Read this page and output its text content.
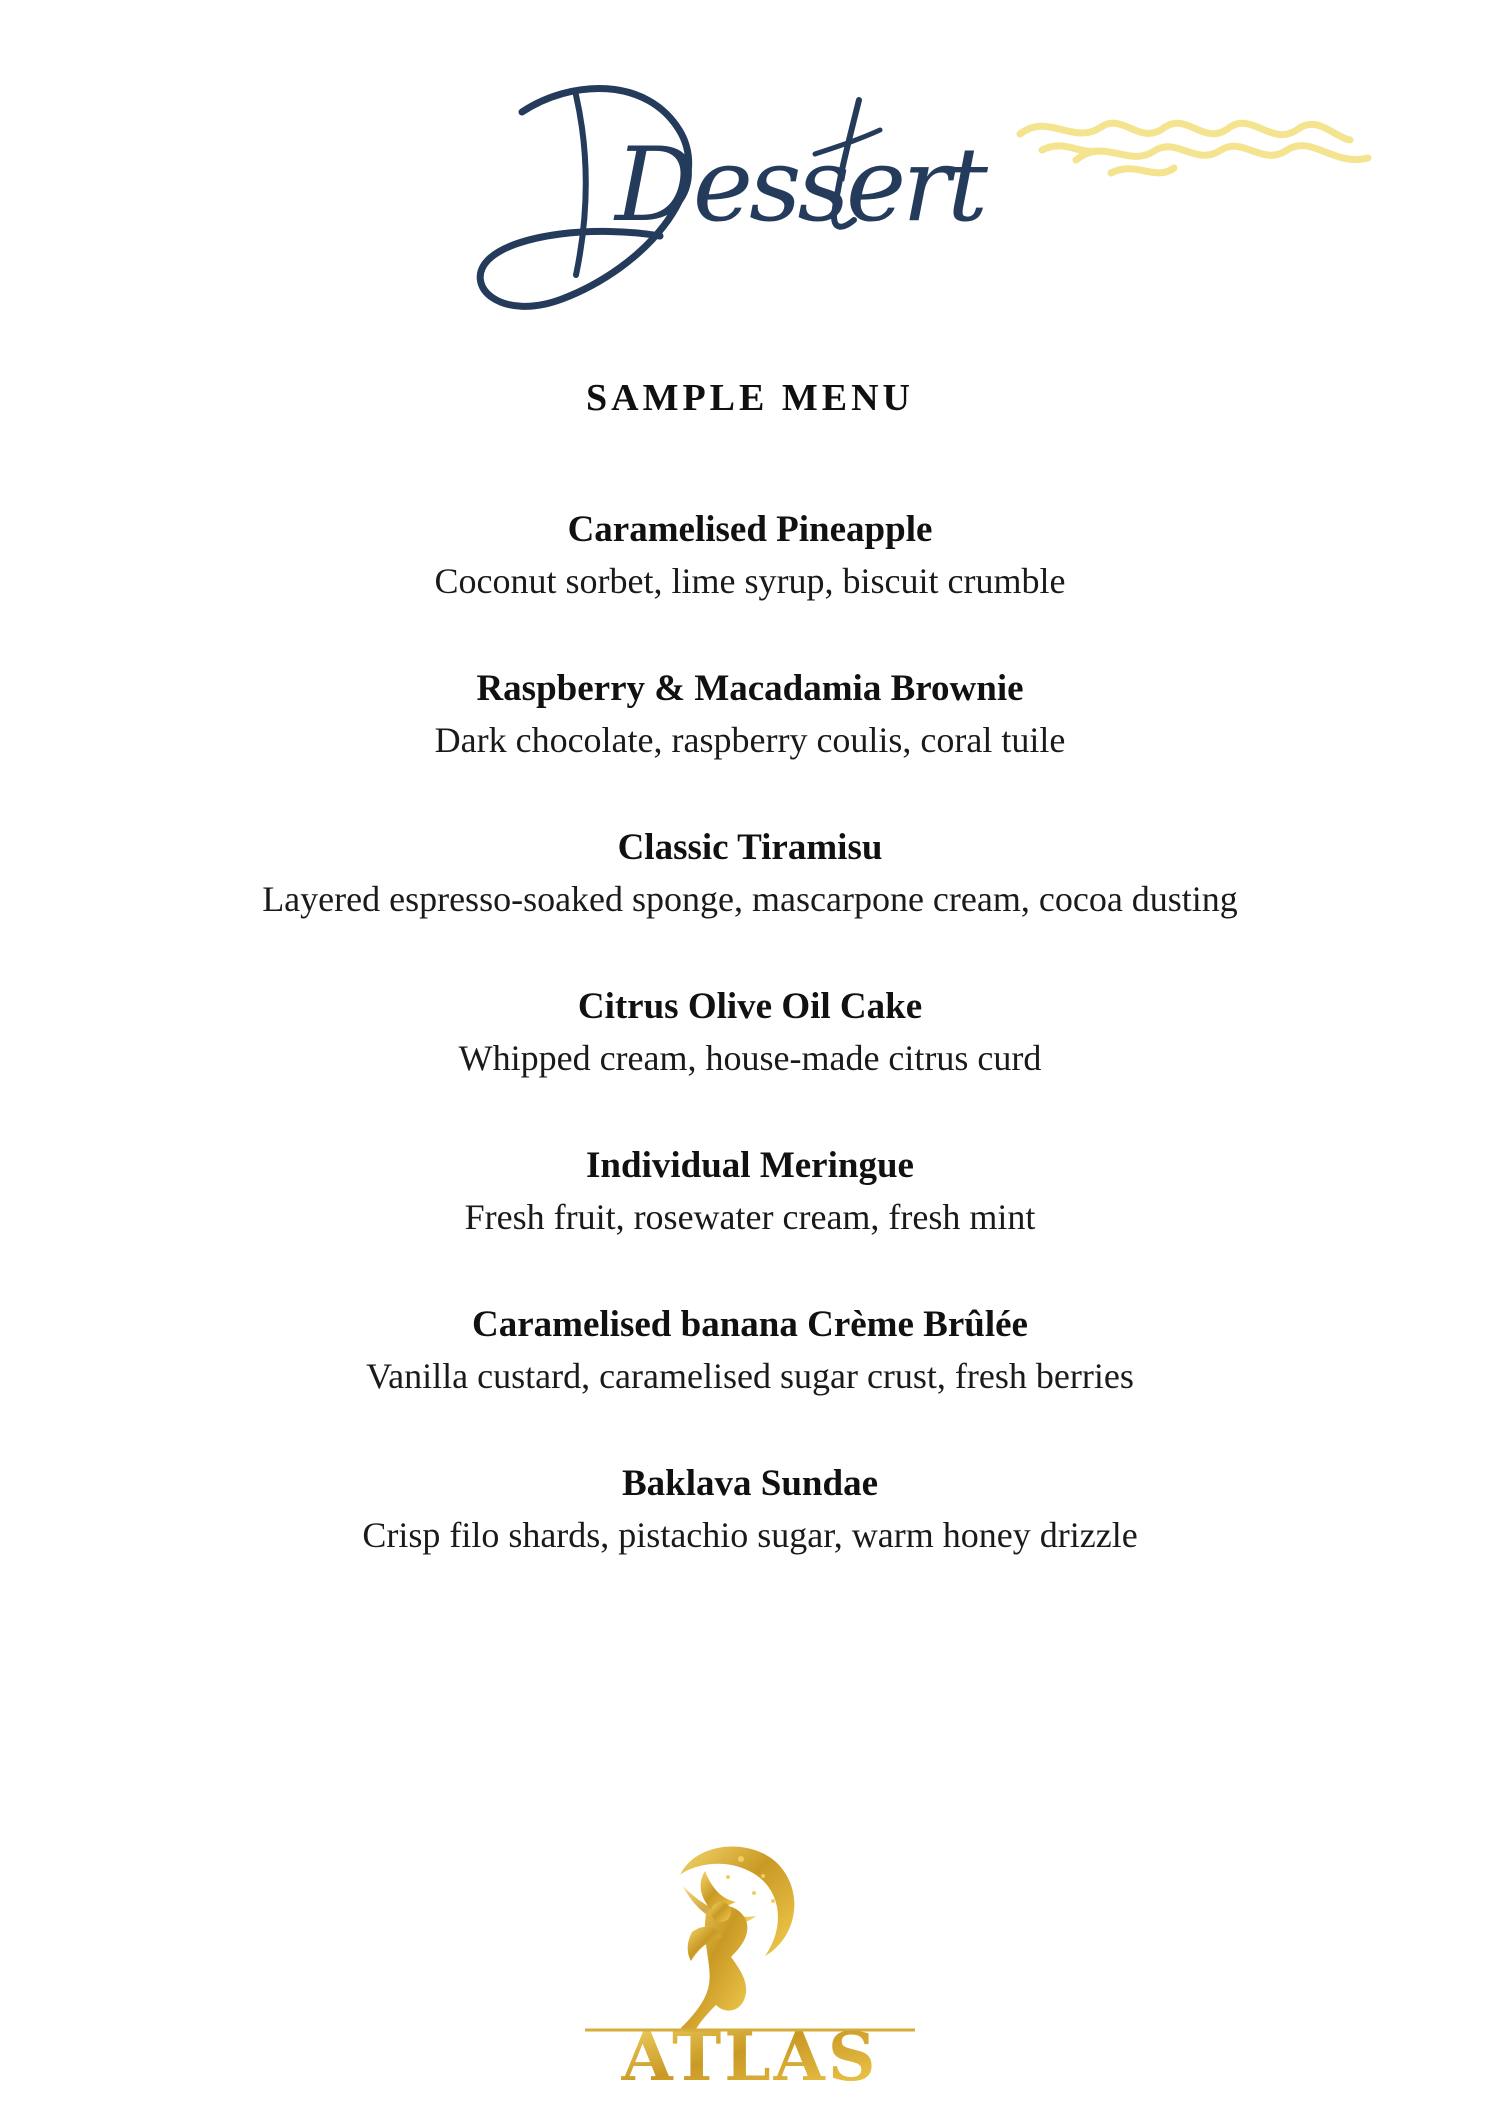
Dessert
SAMPLE MENU
Caramelised Pineapple
Coconut sorbet, lime syrup, biscuit crumble
Raspberry & Macadamia Brownie
Dark chocolate, raspberry coulis, coral tuile
Classic Tiramisu
Layered espresso-soaked sponge, mascarpone cream, cocoa dusting
Citrus Olive Oil Cake
Whipped cream, house-made citrus curd
Individual Meringue
Fresh fruit, rosewater cream, fresh mint
Caramelised banana Crème Brûlée
Vanilla custard, caramelised sugar crust, fresh berries
Baklava Sundae
Crisp filo shards, pistachio sugar, warm honey drizzle
ATLAS
